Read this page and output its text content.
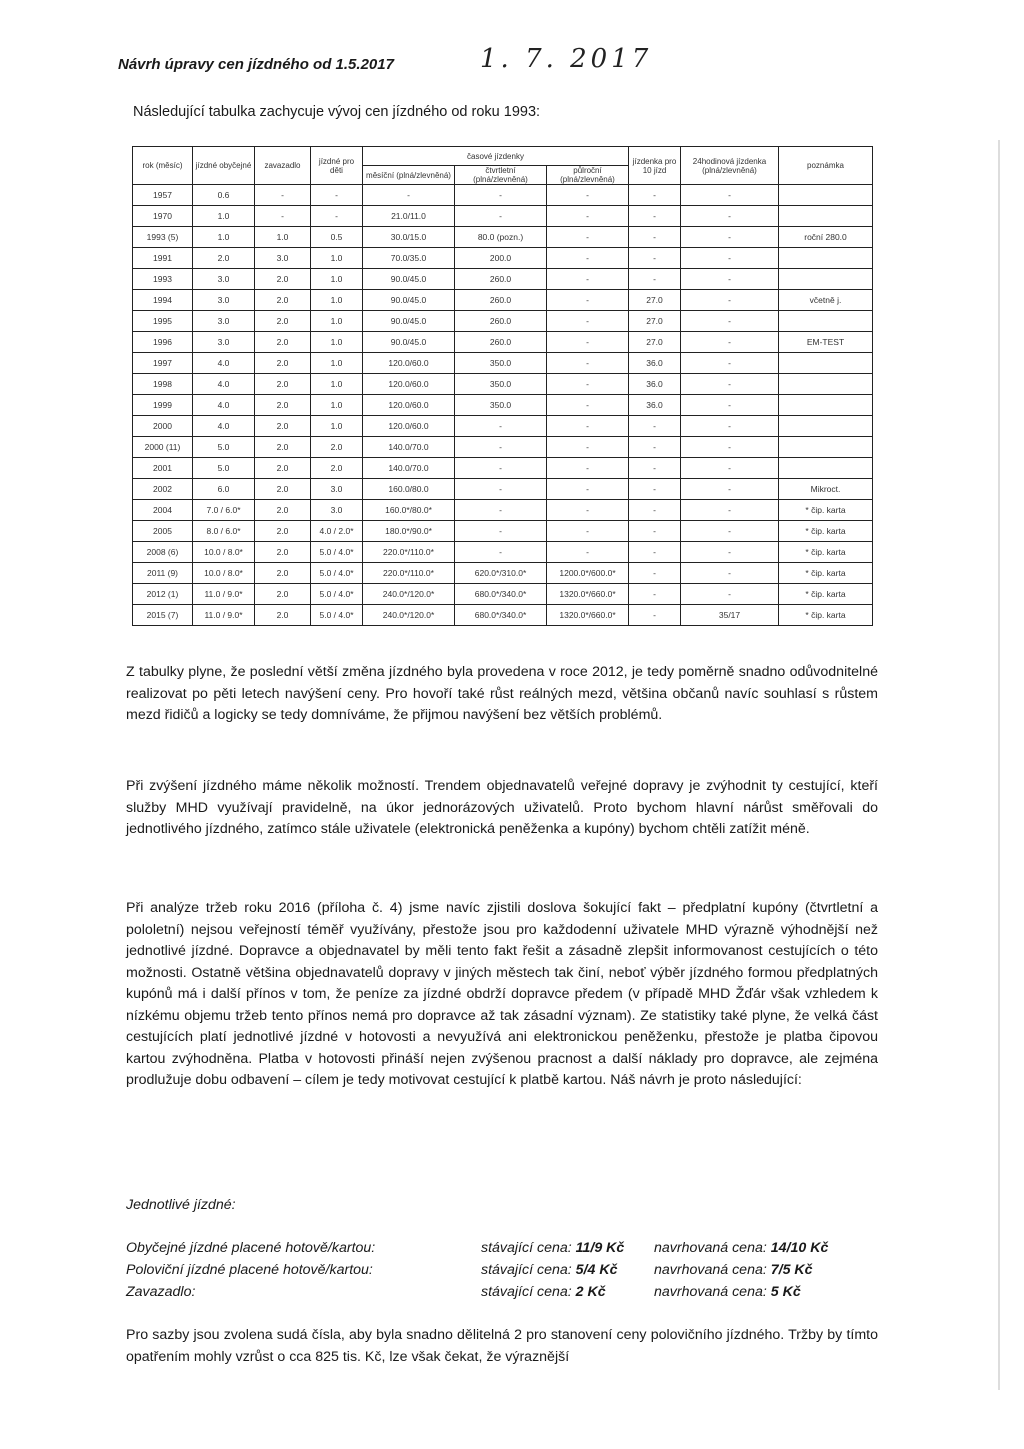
Návrh úpravy cen jízdného od 1.5.2017	1. 7. 2017
Následující tabulka zachycuje vývoj cen jízdného od roku 1993:
rok (měsíc)	jízdné obyčejné	zavazadlo	jízdné pro děti	časové jízdenky			jízdenka pro 10 jízd	24hodinová jízdenka (plná/zlevněná)	poznámka
				měsíční (plná/zlevněná)	čtvrtletní (plná/zlevněná)	půlroční (plná/zlevněná)			
1957	0.6	-	-	-	-	-	-	-	
1970	1.0	-	-	21.0/11.0	-	-	-	-	
1993 (5)	1.0	1.0	0.5	30.0/15.0	80.0 (pozn.)	-	-	-	roční 280.0
1991	2.0	3.0	1.0	70.0/35.0	200.0	-	-	-	
1993	3.0	2.0	1.0	90.0/45.0	260.0	-	-	-	
1994	3.0	2.0	1.0	90.0/45.0	260.0	-	27.0	-	včetně j.
1995	3.0	2.0	1.0	90.0/45.0	260.0	-	27.0	-	
1996	3.0	2.0	1.0	90.0/45.0	260.0	-	27.0	-	EM-TEST
1997	4.0	2.0	1.0	120.0/60.0	350.0	-	36.0	-	
1998	4.0	2.0	1.0	120.0/60.0	350.0	-	36.0	-	
1999	4.0	2.0	1.0	120.0/60.0	350.0	-	36.0	-	
2000	4.0	2.0	1.0	120.0/60.0	-	-	-	-	
2000 (11)	5.0	2.0	2.0	140.0/70.0	-	-	-	-	
2001	5.0	2.0	2.0	140.0/70.0	-	-	-	-	
2002	6.0	2.0	3.0	160.0/80.0	-	-	-	-	Mikroct.
2004	7.0 / 6.0*	2.0	3.0	160.0*/80.0*	-	-	-	-	* čip. karta
2005	8.0 / 6.0*	2.0	4.0 / 2.0*	180.0*/90.0*	-	-	-	-	* čip. karta
2008 (6)	10.0 / 8.0*	2.0	5.0 / 4.0*	220.0*/110.0*	-	-	-	-	* čip. karta
2011 (9)	10.0 / 8.0*	2.0	5.0 / 4.0*	220.0*/110.0*	620.0*/310.0*	1200.0*/600.0*	-	-	* čip. karta
2012 (1)	11.0 / 9.0*	2.0	5.0 / 4.0*	240.0*/120.0*	680.0*/340.0*	1320.0*/660.0*	-	-	* čip. karta
2015 (7)	11.0 / 9.0*	2.0	5.0 / 4.0*	240.0*/120.0*	680.0*/340.0*	1320.0*/660.0*	-	35/17	* čip. karta
Z tabulky plyne, že poslední větší změna jízdného byla provedena v roce 2012, je tedy poměrně snadno odůvodnitelné realizovat po pěti letech navýšení ceny. Pro hovoří také růst reálných mezd, většina občanů navíc souhlasí s růstem mezd řidičů a logicky se tedy domníváme, že přijmou navýšení bez větších problémů.
Při zvýšení jízdného máme několik možností. Trendem objednavatelů veřejné dopravy je zvýhodnit ty cestující, kteří služby MHD využívají pravidelně, na úkor jednorázových uživatelů. Proto bychom hlavní nárůst směřovali do jednotlivého jízdného, zatímco stále uživatele (elektronická peněženka a kupóny) bychom chtěli zatížit méně.
Při analýze tržeb roku 2016 (příloha č. 4) jsme navíc zjistili doslova šokující fakt – předplatní kupóny (čtvrtletní a pololetní) nejsou veřejností téměř využívány, přestože jsou pro každodenní uživatele MHD výrazně výhodnější než jednotlivé jízdné. Dopravce a objednavatel by měli tento fakt řešit a zásadně zlepšit informovanost cestujících o této možnosti. Ostatně většina objednavatelů dopravy v jiných městech tak činí, neboť výběr jízdného formou předplatných kupónů má i další přínos v tom, že peníze za jízdné obdrží dopravce předem (v případě MHD Žďár však vzhledem k nízkému objemu tržeb tento přínos nemá pro dopravce až tak zásadní význam). Ze statistiky také plyne, že velká část cestujících platí jednotlivé jízdné v hotovosti a nevyužívá ani elektronickou peněženku, přestože je platba čipovou kartou zvýhodněna. Platba v hotovosti přináší nejen zvýšenou pracnost a další náklady pro dopravce, ale zejména prodlužuje dobu odbavení – cílem je tedy motivovat cestující k platbě kartou. Náš návrh je proto následující:
Jednotlivé jízdné:
Obyčejné jízdné placené hotově/kartou:	stávající cena: 11/9 Kč navrhovaná cena: 14/10 Kč
Poloviční jízdné placené hotově/kartou:	stávající cena: 5/4 Kč	navrhovaná cena: 7/5 Kč
Zavazadlo:	stávající cena: 2 Kč	navrhovaná cena: 5 Kč
Pro sazby jsou zvolena sudá čísla, aby byla snadno dělitelná 2 pro stanovení ceny polovičního jízdného. Tržby by tímto opatřením mohly vzrůst o cca 825 tis. Kč, lze však čekat, že výraznější
